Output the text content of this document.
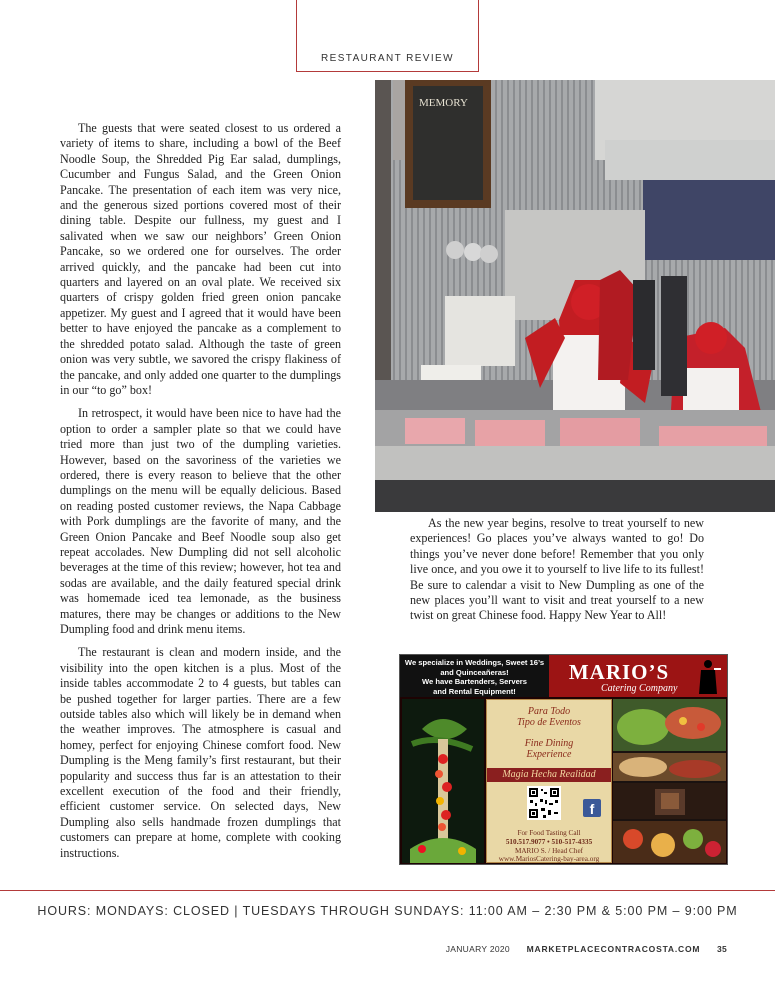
RESTAURANT REVIEW

The guests that were seated closest to us ordered a variety of items to share, including a bowl of the Beef Noodle Soup, the Shredded Pig Ear salad, dumplings, Cucumber and Fungus Salad, and the Green Onion Pancake. The presentation of each item was very nice, and the generous sized portions covered most of their dining table. Despite our fullness, my guest and I salivated when we saw our neighbors’ Green Onion Pancake, so we ordered one for ourselves. The order arrived quickly, and the pancake had been cut into quarters and layered on an oval plate. We received six quarters of crispy golden fried green onion pancake appetizer. My guest and I agreed that it would have been better to have enjoyed the pancake as a complement to the shredded potato salad. Although the taste of green onion was very subtle, we savored the crispy flakiness of the pancake, and only added one quarter to the dumplings in our “to go” box!

In retrospect, it would have been nice to have had the option to order a sampler plate so that we could have tried more than just two of the dumpling varieties. However, based on the savoriness of the varieties we ordered, there is every reason to believe that the other dumplings on the menu will be equally delicious. Based on reading posted customer reviews, the Napa Cabbage with Pork dumplings are the favorite of many, and the Green Onion Pancake and Beef Noodle soup also get repeat accolades. New Dumpling did not sell alcoholic beverages at the time of this review; however, hot tea and sodas are available, and the daily featured special drink was homemade iced tea lemonade, as the business matures, there may be changes or additions to the New Dumpling food and drink menu items.

The restaurant is clean and modern inside, and the visibility into the open kitchen is a plus. Most of the inside tables accommodate 2 to 4 guests, but tables can be pushed together for larger parties. There are a few outside tables also which will likely be in demand when the weather improves. The atmosphere is casual and homey, perfect for enjoying Chinese comfort food. New Dumpling is the Meng family’s first restaurant, but their popularity and success thus far is an attestation to their excellent execution of the food and their friendly, efficient customer service. On selected days, New Dumpling also sells handmade frozen dumplings that customers can prepare at home, complete with cooking instructions.

MEMORY

As the new year begins, resolve to treat yourself to new experiences! Go places you’ve always wanted to go! Do things you’ve never done before! Remember that you only live once, and you owe it to yourself to live life to its fullest! Be sure to calendar a visit to New Dumpling as one of the new places you’ll want to visit and treat yourself to a new twist on great Chinese food. Happy New Year to All!

We specialize in Weddings, Sweet 16’s
and Quinceañeras!
We have Bartenders, Servers
and Rental Equipment!
MARIO’S
Catering Company
Para Todo
Tipo de Eventos
Fine Dining
Experience
Magia Hecha Realidad
f
For Food Tasting Call
510.517.9077 • 510-517-4335
MARIO S. / Head Chef
www.MariosCatering-bay-area.org
HOURS: MONDAYS: CLOSED | TUESDAYS THROUGH SUNDAYS: 11:00 AM – 2:30 PM & 5:00 PM – 9:00 PM
JANUARY 2020 MARKETPLACECONTRACOSTA.COM 35
